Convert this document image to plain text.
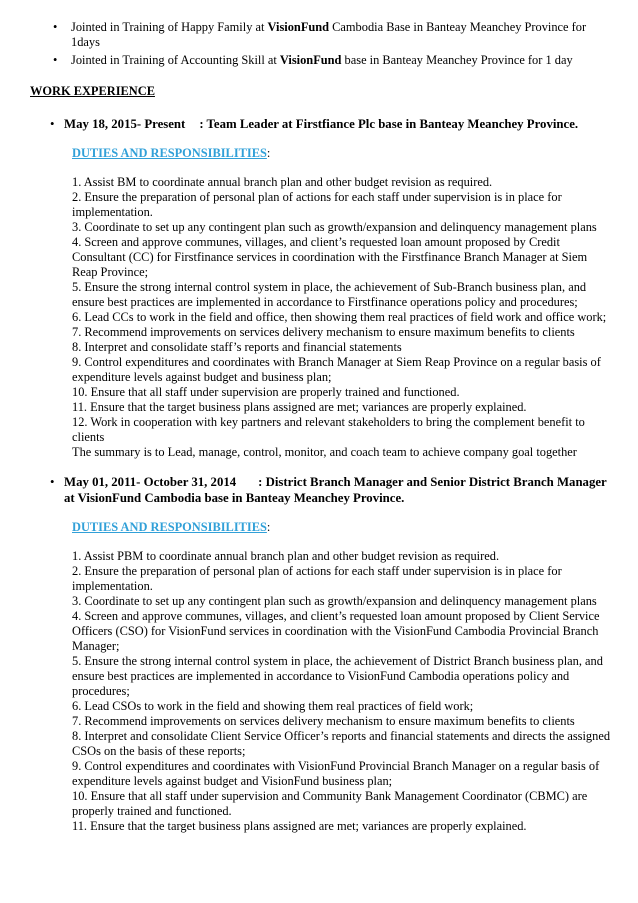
• Jointed in Training of Happy Family at VisionFund Cambodia Base in Banteay Meanchey Province for 1days
• Jointed in Training of Accounting Skill at VisionFund base in Banteay Meanchey Province for 1 day
WORK EXPERIENCE
• May 18, 2015- Present : Team Leader at Firstfiance Plc base in Banteay Meanchey Province.
DUTIES AND RESPONSIBILITIES:

1. Assist BM to coordinate annual branch plan and other budget revision as required.

2. Ensure the preparation of personal plan of actions for each staff under supervision is in place for implementation.

3. Coordinate to set up any contingent plan such as growth/expansion and delinquency management plans

4. Screen and approve communes, villages, and client’s requested loan amount proposed by Credit Consultant (CC) for Firstfinance services in coordination with the Firstfinance Branch Manager at Siem Reap Province;

5. Ensure the strong internal control system in place, the achievement of Sub-Branch business plan, and ensure best practices are implemented in accordance to Firstfinance operations policy and procedures;

6. Lead CCs to work in the field and office, then showing them real practices of field work and office work;

7. Recommend improvements on services delivery mechanism to ensure maximum benefits to clients

8. Interpret and consolidate staff’s reports and financial statements

9. Control expenditures and coordinates with Branch Manager at Siem Reap Province on a regular basis of expenditure levels against budget and business plan;

10. Ensure that all staff under supervision are properly trained and functioned.

11. Ensure that the target business plans assigned are met; variances are properly explained.

12. Work in cooperation with key partners and relevant stakeholders to bring the complement benefit to clients

The summary is to Lead, manage, control, monitor, and coach team to achieve company goal together

• May 01, 2011- October 31, 2014 : District Branch Manager and Senior District Branch Manager at VisionFund Cambodia base in Banteay Meanchey Province.
DUTIES AND RESPONSIBILITIES:

1. Assist PBM to coordinate annual branch plan and other budget revision as required.

2. Ensure the preparation of personal plan of actions for each staff under supervision is in place for implementation.

3. Coordinate to set up any contingent plan such as growth/expansion and delinquency management plans

4. Screen and approve communes, villages, and client’s requested loan amount proposed by Client Service Officers (CSO) for VisionFund services in coordination with the VisionFund Cambodia Provincial Branch Manager;

5. Ensure the strong internal control system in place, the achievement of District Branch business plan, and ensure best practices are implemented in accordance to VisionFund Cambodia operations policy and procedures;

6. Lead CSOs to work in the field and showing them real practices of field work;

7. Recommend improvements on services delivery mechanism to ensure maximum benefits to clients

8. Interpret and consolidate Client Service Officer’s reports and financial statements and directs the assigned CSOs on the basis of these reports;

9. Control expenditures and coordinates with VisionFund Provincial Branch Manager on a regular basis of expenditure levels against budget and VisionFund business plan;

10. Ensure that all staff under supervision and Community Bank Management Coordinator (CBMC) are properly trained and functioned.

11. Ensure that the target business plans assigned are met; variances are properly explained.
